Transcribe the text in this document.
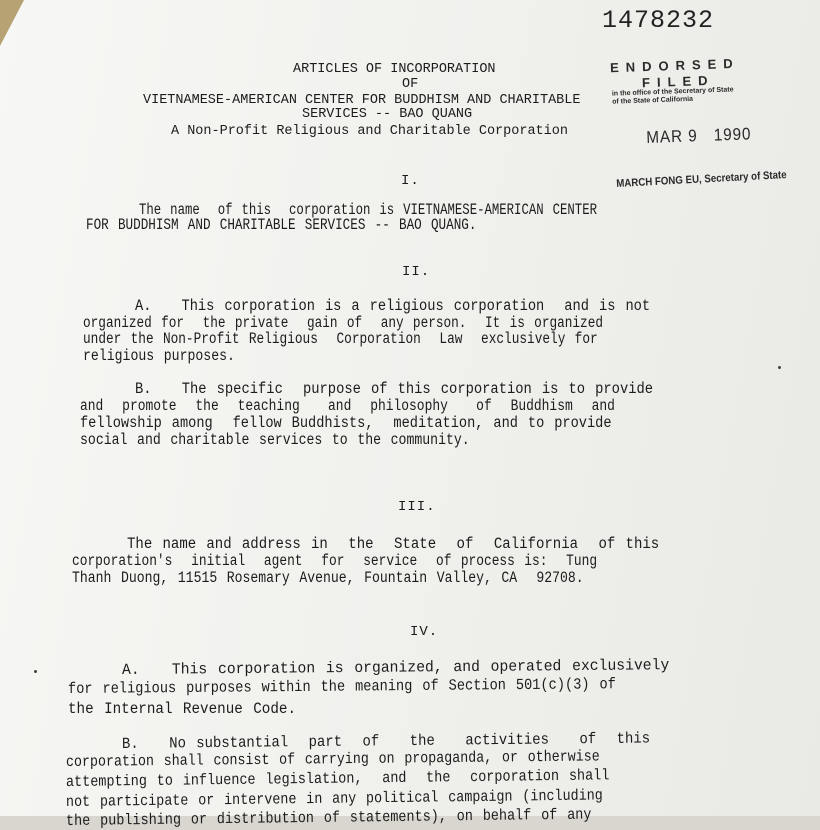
1478232
ENDORSED
FILED
in the office of the Secretary of State
of the State of California
MAR 9 1990
MARCH FONG EU, Secretary of State
ARTICLES OF INCORPORATION
OF
VIETNAMESE-AMERICAN CENTER FOR BUDDHISM AND CHARITABLE
SERVICES -- BAO QUANG
A Non-Profit Religious and Charitable Corporation
I.
The name  of this  corporation is VIETNAMESE-AMERICAN CENTER
FOR BUDDHISM AND CHARITABLE SERVICES -- BAO QUANG.
II.
A.   This corporation is a religious corporation  and is not
organized for  the private  gain of  any person.  It is organized
under the Non-Profit Religious  Corporation  Law  exclusively for
religious purposes.
B.   The specific  purpose of this corporation is to provide
and  promote  the  teaching   and  philosophy   of  Buddhism  and
fellowship among  fellow Buddhists,  meditation, and to provide
social and charitable services to the community.
III.
The name and address in  the  State  of  California  of this
corporation's  initial  agent  for  service  of process is:  Tung
Thanh Duong, 11515 Rosemary Avenue, Fountain Valley, CA  92708.
IV.
A.   This corporation is organized, and operated exclusively
for religious purposes within the meaning of Section 501(c)(3) of
the Internal Revenue Code.
B.   No substantial  part  of   the   activities   of  this
corporation shall consist of carrying on propaganda, or otherwise
attempting to influence legislation,  and  the  corporation shall
not participate or intervene in any political campaign (including
the publishing or distribution of statements), on behalf of any
